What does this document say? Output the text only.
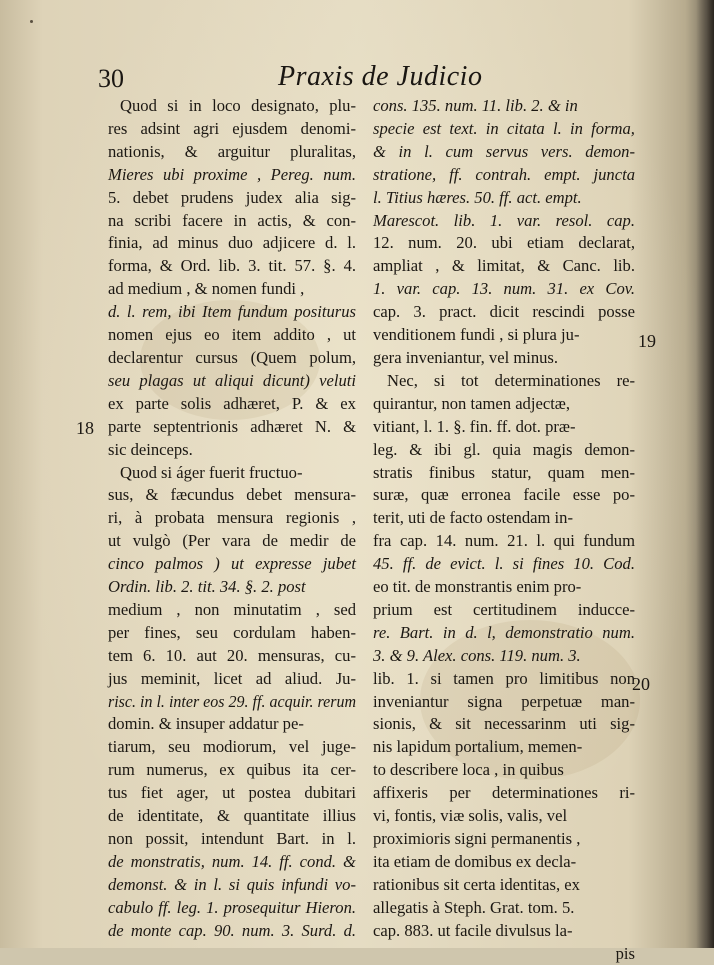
30	Praxis de Judicio
Quod si in loco designato, plu-
res adsint agri ejusdem denomi-
nationis, & arguitur pluralitas,
Mieres ubi proxime , Pereg. num.
5. debet prudens judex alia sig-
na scribi facere in actis, & con-
finia, ad minus duo adjicere d. l.
forma, & Ord. lib. 3. tit. 57. §. 4.
ad medium , & nomen fundi ,
d. l. rem, ibi Item fundum positurus
nomen ejus eo item addito , ut
declarentur cursus (Quem polum,
seu plagas ut aliqui dicunt) veluti
ex parte solis adhæret, P. & ex
parte septentrionis adhæret N. &
sic deinceps.
Quod si áger fuerit fructuo-
sus, & fæcundus debet mensura-
ri, à probata mensura regionis ,
ut vulgò (Per vara de medir de
cinco palmos ) ut expresse jubet
Ordin. lib. 2. tit. 34. §. 2. post
medium , non minutatim , sed
per fines, seu cordulam haben-
tem 6. 10. aut 20. mensuras, cu-
jus meminit, licet ad aliud. Ju-
risc. in l. inter eos 29. ff. acquir. rerum
domin. & insuper addatur pe-
tiarum, seu modiorum, vel juge-
rum numerus, ex quibus ita cer-
tus fiet ager, ut postea dubitari
de identitate, & quantitate illius
non possit, intendunt Bart. in l.
de monstratis, num. 14. ff. cond. &
demonst. & in l. si quis infundi vo-
cabulo ff. leg. 1. prosequitur Hieron.
de monte cap. 90. num. 3. Surd. d.
cons. 135. num. 11. lib. 2. & in
specie est text. in citata l. in forma,
& in l. cum servus vers. demon-
stratione, ff. contrah. empt. juncta
l. Titius hæres. 50. ff. act. empt.
Marescot. lib. 1. var. resol. cap.
12. num. 20. ubi etiam declarat,
ampliat , & limitat, & Canc. lib.
1. var. cap. 13. num. 31. ex Cov.
cap. 3. pract. dicit rescindi posse
venditionem fundi , si plura ju-
gera inveniantur, vel minus.
Nec, si tot determinationes re-
quirantur, non tamen adjectæ,
vitiant, l. 1. §. fin. ff. dot. præ-
leg. & ibi gl. quia magis demon-
stratis finibus statur, quam men-
suræ, quæ erronea facile esse po-
terit, uti de facto ostendam in-
fra cap. 14. num. 21. l. qui fundum
45. ff. de evict. l. si fines 10. Cod.
eo tit. de monstrantis enim pro-
prium est certitudinem inducce-
re. Bart. in d. l, demonstratio num.
3. & 9. Alex. cons. 119. num. 3.
lib. 1. si tamen pro limitibus non
inveniantur signa perpetuæ man-
sionis, & sit necessarinm uti sig-
nis lapidum portalium, memen-
to describere loca , in quibus
affixeris per determinationes ri-
vi, fontis, viæ solis, valis, vel
proximioris signi permanentis ,
ita etiam de domibus ex decla-
rationibus sit certa identitas, ex
allegatis à Steph. Grat. tom. 5.
cap. 883. ut facile divulsus la-
pis
18
19
20
